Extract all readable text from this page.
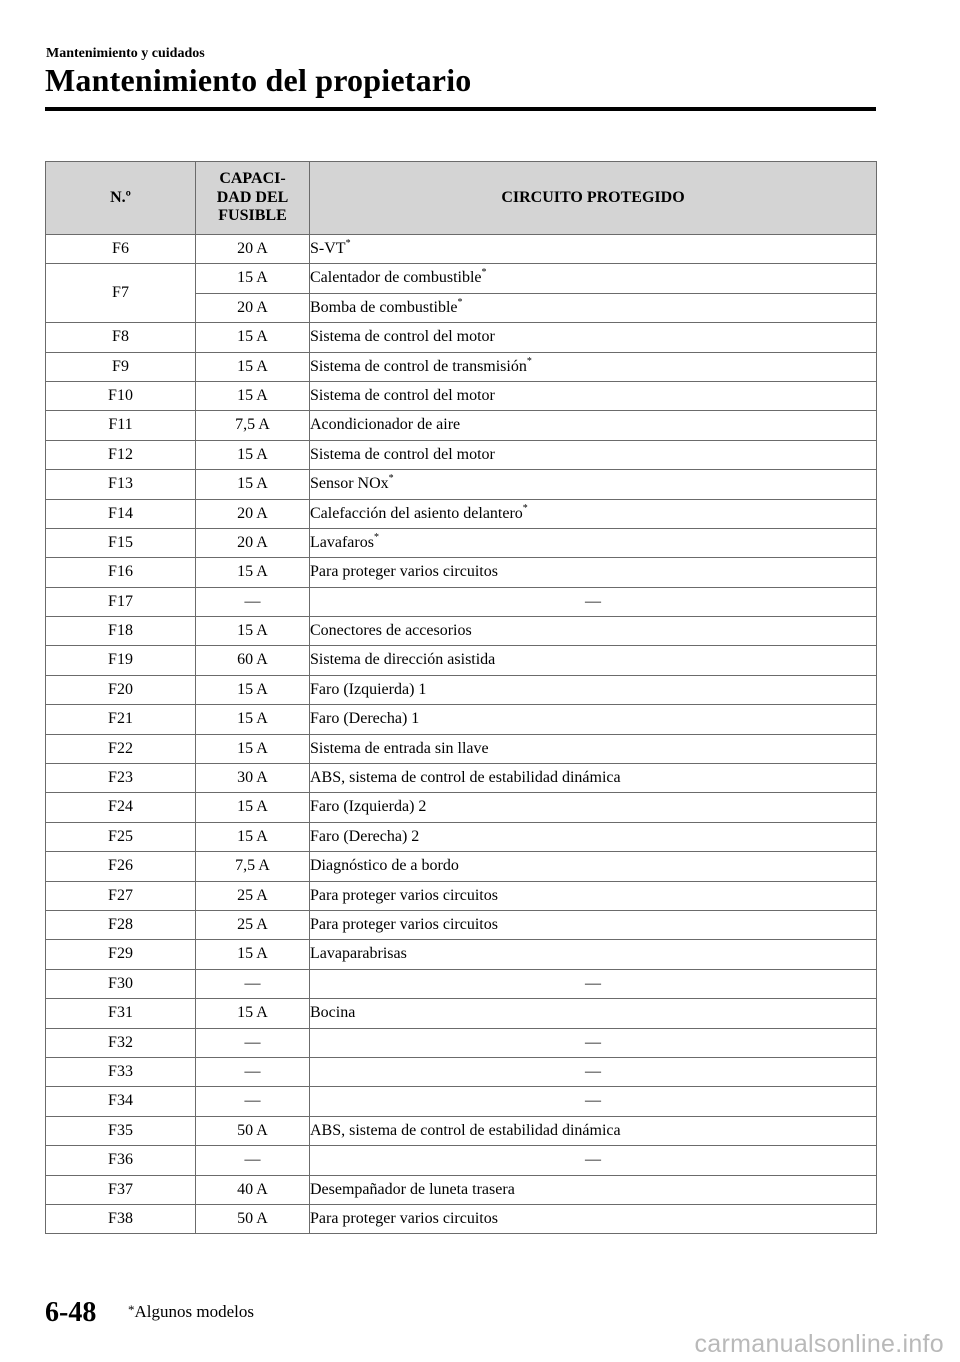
Mantenimiento y cuidados
Mantenimiento del propietario
N.º	CAPACI-
DAD DEL
FUSIBLE	CIRCUITO PROTEGIDO
F6	20 A	S-VT*
F7	15 A	Calentador de combustible*
	20 A	Bomba de combustible*
F8	15 A	Sistema de control del motor
F9	15 A	Sistema de control de transmisión*
F10	15 A	Sistema de control del motor
F11	7,5 A	Acondicionador de aire
F12	15 A	Sistema de control del motor
F13	15 A	Sensor NOx*
F14	20 A	Calefacción del asiento delantero*
F15	20 A	Lavafaros*
F16	15 A	Para proteger varios circuitos
F17	—	—
F18	15 A	Conectores de accesorios
F19	60 A	Sistema de dirección asistida
F20	15 A	Faro (Izquierda) 1
F21	15 A	Faro (Derecha) 1
F22	15 A	Sistema de entrada sin llave
F23	30 A	ABS, sistema de control de estabilidad dinámica
F24	15 A	Faro (Izquierda) 2
F25	15 A	Faro (Derecha) 2
F26	7,5 A	Diagnóstico de a bordo
F27	25 A	Para proteger varios circuitos
F28	25 A	Para proteger varios circuitos
F29	15 A	Lavaparabrisas
F30	—	—
F31	15 A	Bocina
F32	—	—
F33	—	—
F34	—	—
F35	50 A	ABS, sistema de control de estabilidad dinámica
F36	—	—
F37	40 A	Desempañador de luneta trasera
F38	50 A	Para proteger varios circuitos
6-48 *Algunos modelos
carmanualsonline.info
